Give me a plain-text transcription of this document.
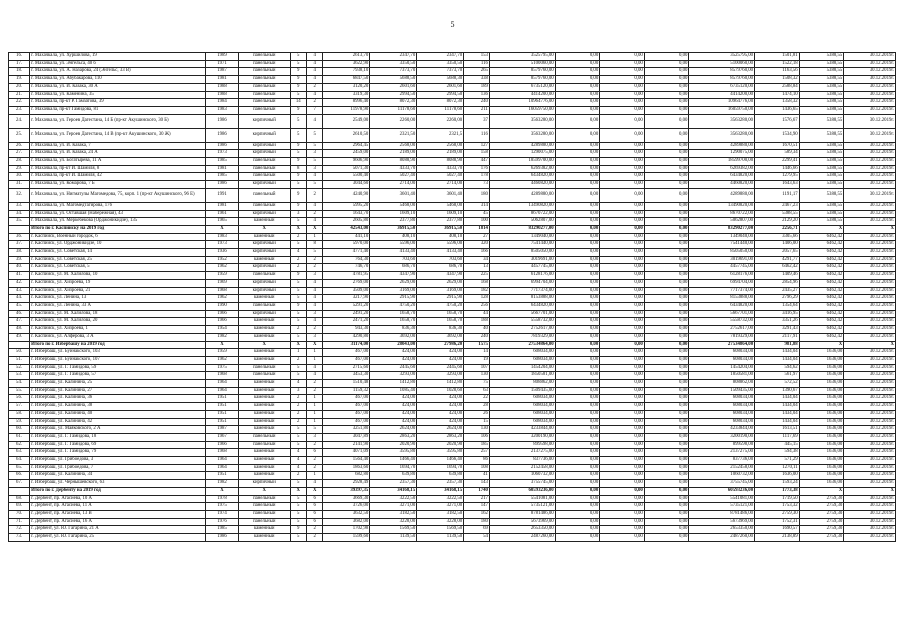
5
16.	г. Махачкала, ул. Хуршилова, 19	1989	панельный	5	4	2613,70	2347,70	2347,70	153	3525795,00	0,00	0,00	0,00	3525795,00	1501,81	5388,55	30.12.2019г.
17.	г. Махачкала, ул. Энгельса, 40 б	1971	панельный	5	4	3622,90	3350,50	3350,50	116	5100060,00	0,00	0,00	0,00	5100060,00	1522,18	5388,55	30.12.2019г.
18.	г. Махачкала, ул. А. Назарова, 24 (Энгельс, 33 В)	1987	панельный	9	4	7938,10	7373,70	7373,70	265	8579760,00	0,00	0,00	0,00	8579760,00	1163,56	5388,55	30.12.2019г.
19.	г. Махачкала, ул. Абубакарова, 110	1981	панельный	9	4	6847,50	5688,50	5688,30	338	8579760,00	0,00	0,00	0,00	8579760,00	1508,32	5388,55	30.12.2019г.
20.	г. Махачкала, ул. И. Казака, 30 А	1988	панельный	9	2	3120,20	2601,60	2601,60	189	6735120,00	0,00	0,00	0,00	6735120,00	2588,84	5388,55	30.12.2019г.
21.	г. Махачкала, ул. Каменина, 35	1988	панельный	5	4	3319,30	2994,50	2994,50	136	4414200,00	0,00	0,00	0,00	4414200,00	1474,10	5388,55	30.12.2019г.
22.	г. Махачкала, пр-кт Р. Гамзатова, 39	1984	панельный	14	2	8996,40	8072,30	8072,30	240	10964776,00	0,00	0,00	0,00	10964776,00	1358,32	5388,55	30.12.2019г.
23.	г. Махачкала, пр-кт Гамидова, 81	1983	панельный	9	7	11978,90	11178,60	11178,60	211	16059750,00	0,00	0,00	0,00	16059750,00	1436,65	5388,55	30.12.2019г.
24.	г. Махачкала, ул. Героев Дагестана, 14 Б (пр-кт Акушинского, 30 Б)	1986	кирпичный	5	4	2549,00	2260,00	2260,00	37	3563280,00	0,00	0,00	0,00	3563280,00	1576,67	5388,55	30.12.2019г.
25.	г. Махачкала, ул. Героев Дагестана, 14 В (пр-кт Акушинского, 30 Ж)	1986	кирпичный	5	5	2610,50	2321,50	2321,5	116	3563280,00	0,00	0,00	0,00	3563280,00	1534,90	5388,55	30.12.2019г.
26.	г. Махачкала, ул. И. Казака, 7	1986	кирпичный	9	5	2964,45	2568,00	2568,00	127	4289880,00	0,00	0,00	0,00	4289880,00	1670,51	5388,55	30.12.2019г.
27.	г. Махачкала, ул. И. Казака, 24 А	1973	кирпичный	5	3	2459,00	2189,00	2189,00	158	1290075,00	0,00	0,00	0,00	1290075,00	589,34	5388,55	30.12.2019г.
28.	г. Махачкала, ул. Богатырева, 11 А	1985	панельный	9	5	9606,90	8088,90	8088,90	447	18599700,00	0,00	0,00	0,00	18599700,00	2299,41	5388,55	30.12.2019г.
29.	г. Махачкала, пр-кт И. Шамиля, 8	1981	панельный	8	3	5071,30	4333,70	4333,70	176	6269382,00	0,00	0,00	0,00	6269382,00	1446,66	5388,55	30.12.2019г.
30.	г. Махачкала, пр-кт И. Шамиля, 42	1985	панельный	9	4	5500,40	5027,40	5027,40	178	6434820,00	0,00	0,00	0,00	6434820,00	1279,95	5388,55	30.12.2019г.
31.	г. Махачкала, ул. Комарова, 7 Б	1986	кирпичный	5	5	3044,60	2714,00	2714,00	73	4460820,00	0,00	0,00	0,00	4460820,00	1643,63	5388,55	30.12.2019г.
32.	г. Махачкала, ул. Нигматулы Магомедова, 75, корп. 1 (пр-кт Акушинского, 96 Е)	1991	панельный	9	2	4240,90	3601,40	3601,40	180	4289880,00	0,00	0,00	0,00	4289880,00	1191,17	5388,55	30.12.2019г.
33.	г. Махачкала, ул. Магомедтагирова, 176	1981	панельный	9	4	5995,20	5468,00	5468,00	314	13490820,00	0,00	0,00	0,00	13490820,00	2467,23	5388,55	30.12.2019г.
34.	г. Махачкала, ул. Оставшая (Набережная), 43	1961	кирпичный	3	2	1643,70	1609,10	1609,10	45	8670722,00	0,00	0,00	0,00	8670722,00	5388,55	5388,55	30.12.2019г.
35.	г. Махачкала, ул. Меркёбекова (Орджоникидзе), 135	1965	каменный	5	4	2605,80	2377,80	2377,80	100	5062807,00	0,00	0,00	0,00	5062807,00	2129,20	5388,55	30.12.2019г.
	Итого по г. Каспийску на 2019 год	Х	Х	Х	Х	42543,00	36915,50	36915,50	1814	83290277,00	0,00	0,00	0,00	83290277,00	2256,71	Х	Х
36.	г. Каспийск, Военный городок, 6	1983	каменный	2	1	441,10	408,10	408,10	27	1349040,00	0,00	0,00	0,00	1349040,00	3305,66	6462,42	30.12.2019г.
37.	г. Каспийск, ул. Орджоникидзе, 10	1973	кирпичный	5	8	5970,00	5596,00	5596,00	320	7541440,00	0,00	0,00	0,00	7541440,00	1406,00	6462,42	30.12.2019г.
38.	г. Каспийск, ул. Советская, 14	1936	кирпичный	4	5	4771,40	4133,40	4133,40	166	8505050,00	0,00	0,00	0,00	8505050,00	2057,65	6462,42	30.12.2019г.
39.	г. Каспийск, ул. Советская, 25	1952	каменный	2	2	764,30	703,60	703,60	34	3019691,00	0,00	0,00	0,00	3019691,00	4291,77	6462,42	30.12.2019г.
40.	г. Каспийск, ул. Советская, 5	1962	кирпичный	2	2	746,70	686,70	686,70	13	4457745,00	0,00	0,00	0,00	4457745,00	6462,42	6462,42	30.12.2019г.
41.	г. Каспийск, ул. М. Халилова, 10	1959	панельный	9	3	4781,95	4347,90	4347,90	225	6128176,00	0,00	0,00	0,00	6128176,00	1409,46	6462,42	30.12.2019г.
42.	г. Каспийск, ул. Хизроева, 19	1969	кирпичный	5	4	2769,00	2629,00	2629,00	168	6994704,00	0,00	0,00	0,00	6994704,00	2854,96	6462,42	30.12.2019г.
43.	г. Каспийск, ул. Хизроева, 21	1968	кирпичный	5	4	3509,00	3169,00	3169,00	182	7717374,00	0,00	0,00	0,00	7717374,00	2435,27	6462,42	30.12.2019г.
44.	г. Каспийск, ул. Ленина, 13	1962	каменный	5	4	3217,90	2915,90	2915,90	128	8153888,00	0,00	0,00	0,00	8153888,00	2796,29	6462,42	30.12.2019г.
45.	г. Каспийск, ул. Ленина, 33 А	1990	панельный	9	4	5291,20	4750,20	4750,20	256	6434820,00	0,00	0,00	0,00	6434820,00	1354,64	6462,42	30.12.2019г.
46.	г. Каспийск, ул. М. Халилова, 18	1966	кирпичный	5	3	2491,20	1658,70	1658,70	44	5667701,00	0,00	0,00	0,00	5667701,00	3416,95	6462,42	30.12.2019г.
47.	г. Каспийск, ул. М. Халилова, 20	1966	каменный	5	4	2471,20	1658,70	1658,70	188	5558732,00	0,00	0,00	0,00	5558732,00	3351,26	6462,42	30.12.2019г.
48.	г. Каспийск, ул. Хизроева, 1	1954	каменный	2	2	943,30	836,30	836,30	40	2752617,00	0,00	0,00	0,00	2752617,00	3291,43	6462,42	30.12.2019г.
49.	г. Каспийск, ул. Алферова, 3 А	1982	каменный	5	3	4290,80	3692,00	3692,00	240	7819329,00	0,00	0,00	0,00	7819329,00	2117,91	6462,42	30.12.2019г.
	Итого по г. Избербашу на 2019 год	Х	Х	Х	Х	31174,00	28043,00	27986,20	1575	27534864,00	0,00	0,00	0,00	27534864,00	981,88	Х	Х
50.	г. Избербаш, ул. Буйнакского, 103	1959	каменный	1	1	467,00	424,00	424,00	14	608034,00	0,00	0,00	0,00	608034,00	1434,04	1636,00	30.12.2019г.
51.	г. Избербаш, ул. Буйнакского, 107	1962	каменный	2	1	467,00	424,00	424,00	19	608034,00	0,00	0,00	0,00	608034,00	1434,04	1636,00	30.12.2019г.
52.	г. Избербаш, ул. Г. Гамидова, 59	1975	панельный	5	4	2715,60	2445,60	2445,60	107	1454204,00	0,00	0,00	0,00	1454204,00	594,62	1636,00	30.12.2019г.
53.	г. Избербаш, ул. Г. Гамидова, 57	1968	панельный	5	4	3453,30	3293,00	3293,00	130	1850581,00	0,00	0,00	0,00	1850581,00	561,97	1636,00	30.12.2019г.
54.	г. Избербаш, ул. Калинина, 25	1964	каменный	4	2	1510,48	1412,80	1412,80	75	808862,00	0,00	0,00	0,00	808862,00	572,52	1636,00	30.12.2019г.
55.	г. Избербаш, ул. Калинина, 27	1964	каменный	3	2	1159,32	1085,40	1028,60	63	1509435,00	0,00	0,00	0,00	1509435,00	1390,67	1636,00	30.12.2019г.
56.	г. Избербаш, ул. Калинина, 36	1951	каменный	2	1	467,00	424,00	424,00	22	608034,00	0,00	0,00	0,00	608034,00	1434,04	1636,00	30.12.2019г.
57.	г. Избербаш, ул. Калинина, 38	1951	каменный	2	1	467,00	424,00	424,00	28	608034,00	0,00	0,00	0,00	608034,00	1434,04	1636,00	30.12.2019г.
58.	г. Избербаш, ул. Калинина, 40	1951	каменный	2	1	467,00	424,00	424,00	26	608034,00	0,00	0,00	0,00	608034,00	1434,04	1636,00	30.12.2019г.
59.	г. Избербаш, ул. Калинина, 42	1951	каменный	2	1	467,00	424,00	424,00	15	608034,00	0,00	0,00	0,00	608034,00	1434,04	1636,00	30.12.2019г.
60.	г. Избербаш, ул. Маяковского, 2 А	1987	каменный	5	5	3251,80	2624,00	2624,00	130	4233844,00	0,00	0,00	0,00	4233844,00	1613,51	1636,00	30.12.2019г.
61.	г. Избербаш, ул. Г. Гамидова, 18	1967	панельный	5	3	3047,89	2863,20	2863,20	106	3200190,00	0,00	0,00	0,00	3200190,00	1117,69	1636,00	30.12.2019г.
62.	г. Избербаш, ул. Г. Гамидова, 69	1966	панельный	5	2	2141,90	2020,90	2020,90	185	899598,00	0,00	0,00	0,00	899598,00	445,15	1636,00	30.12.2019г.
63.	г. Избербаш, ул. Г. Гамидова, 79	1968	каменный	4	6	4071,09	3595,80	3595,80	257	2137275,00	0,00	0,00	0,00	2137275,00	594,38	1636,00	30.12.2019г.
64.	г. Избербаш, ул. Грибоедова, 3	1964	каменный	4	2	1564,40	1466,40	1466,40	86	837736,00	0,00	0,00	0,00	837736,00	571,29	1636,00	30.12.2019г.
65.	г. Избербаш, ул. Грибоедова, 7	1964	каменный	4	2	1863,60	1694,70	1694,70	108	2152458,00	0,00	0,00	0,00	2152458,00	1270,11	1636,00	30.12.2019г.
66.	г. Избербаш, ул. Калинина, 34	1951	каменный	2	1	682,80	639,80	639,80	41	1060732,00	0,00	0,00	0,00	1060732,00	1636,00	1636,00	30.12.2019г.
67.	г. Избербаш, ул. Чернышевского, 63	1982	кирпичный	5	4	2928,49	2357,30	2357,30	143	3755745,00	0,00	0,00	0,00	3755745,00	1593,24	1636,00	30.12.2019г.
	Итого по г. Дербенту на 2019 год	Х	Х	Х	Х	39397,35	34168,15	34168,15	1740	60593236,00	0,00	0,00	0,00	60593236,00	1773,38	Х	Х
68.	г. Дербент, пр. Агасиева, 10 А	1978	панельный	5	6	3669,30	3222,50	3222,50	217	5541081,00	0,00	0,00	0,00	5541081,00	1719,50	2759,30	30.12.2019г.
69.	г. Дербент, пр. Агасиева, 11 А	1975	панельный	5	6	3726,00	3271,00	3271,00	147	5735121,00	0,00	0,00	0,00	5735121,00	1753,32	2759,30	30.12.2019г.
70.	г. Дербент, пр. Агасиева, 13 В	1974	панельный	5	6	3632,50	3182,50	3182,50	162	8781486,00	0,00	0,00	0,00	8781486,00	2759,30	2759,30	30.12.2019г.
71.	г. Дербент, пр. Агасиева, 16 А	1976	панельный	5	6	3682,00	3228,00	3228,00	180	5673969,00	0,00	0,00	0,00	5673969,00	1752,31	2759,30	30.12.2019г.
72.	г. Дербент, ул. Ю. Гагарина, 21 А	1985	каменный	9	2	1702,98	1569,50	1569,50	69	2653350,00	0,00	0,00	0,00	2653350,00	1690,57	2759,30	30.12.2019г.
73.	г. Дербент, ул. Ю. Гагарина, 25	1986	каменный	5	2	1599,60	1139,50	1139,50	54	2487260,00	0,00	0,00	0,00	2487260,00	2138,89	2759,30	30.12.2019г.
